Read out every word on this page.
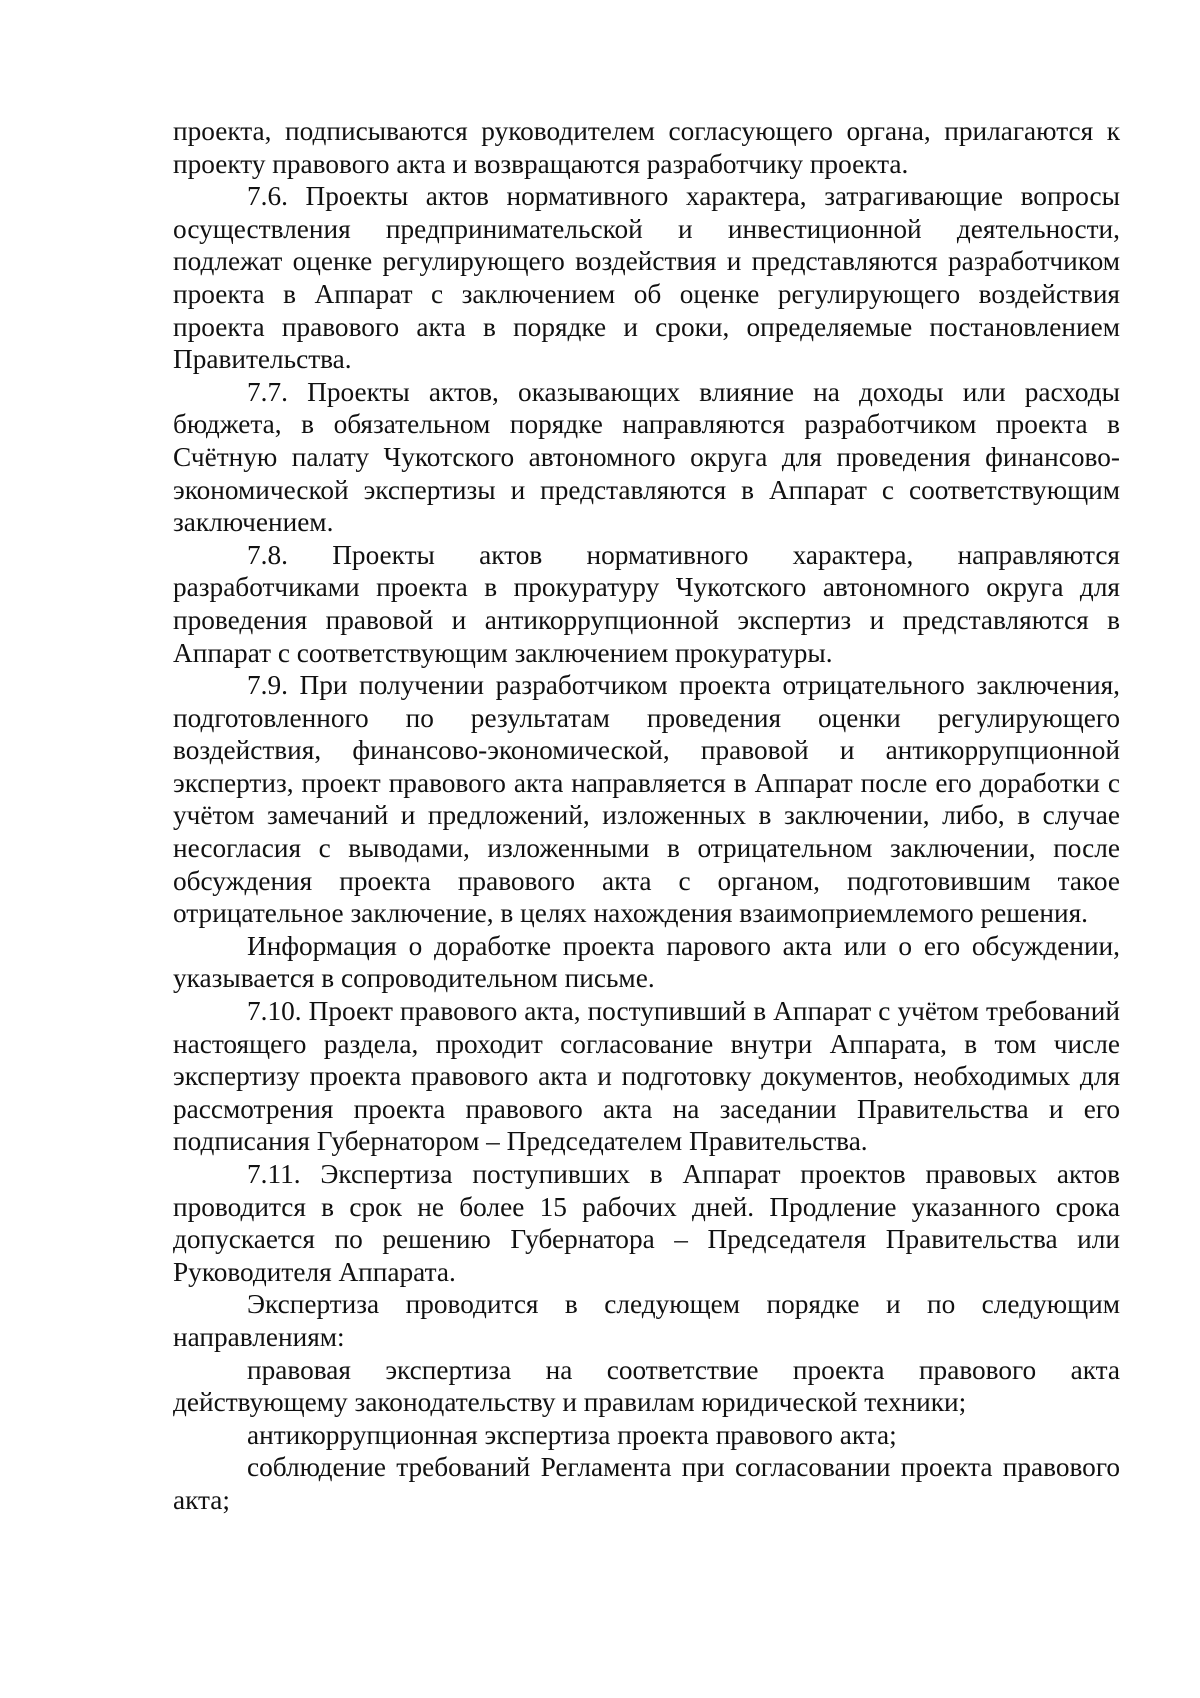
проекта, подписываются руководителем согласующего органа, прилагаются к проекту правового акта и возвращаются разработчику проекта.

7.6. Проекты актов нормативного характера, затрагивающие вопросы осуществления предпринимательской и инвестиционной деятельности, подлежат оценке регулирующего воздействия и представляются разработчиком проекта в Аппарат с заключением об оценке регулирующего воздействия проекта правового акта в порядке и сроки, определяемые постановлением Правительства.

7.7. Проекты актов, оказывающих влияние на доходы или расходы бюджета, в обязательном порядке направляются разработчиком проекта в Счётную палату Чукотского автономного округа для проведения финансово-экономической экспертизы и представляются в Аппарат с соответствующим заключением.

7.8. Проекты актов нормативного характера, направляются разработчиками проекта в прокуратуру Чукотского автономного округа для проведения правовой и антикоррупционной экспертиз и представляются в Аппарат с соответствующим заключением прокуратуры.

7.9. При получении разработчиком проекта отрицательного заключения, подготовленного по результатам проведения оценки регулирующего воздействия, финансово-экономической, правовой и антикоррупционной экспертиз, проект правового акта направляется в Аппарат после его доработки с учётом замечаний и предложений, изложенных в заключении, либо, в случае несогласия с выводами, изложенными в отрицательном заключении, после обсуждения проекта правового акта с органом, подготовившим такое отрицательное заключение, в целях нахождения взаимоприемлемого решения.

Информация о доработке проекта парового акта или о его обсуждении, указывается в сопроводительном письме.

7.10. Проект правового акта, поступивший в Аппарат с учётом требований настоящего раздела, проходит согласование внутри Аппарата, в том числе экспертизу проекта правового акта и подготовку документов, необходимых для рассмотрения проекта правового акта на заседании Правительства и его подписания Губернатором – Председателем Правительства.

7.11. Экспертиза поступивших в Аппарат проектов правовых актов проводится в срок не более 15 рабочих дней. Продление указанного срока допускается по решению Губернатора – Председателя Правительства или Руководителя Аппарата.

Экспертиза проводится в следующем порядке и по следующим направлениям:

правовая экспертиза на соответствие проекта правового акта действующему законодательству и правилам юридической техники;

антикоррупционная экспертиза проекта правового акта;

соблюдение требований Регламента при согласовании проекта правового акта;
